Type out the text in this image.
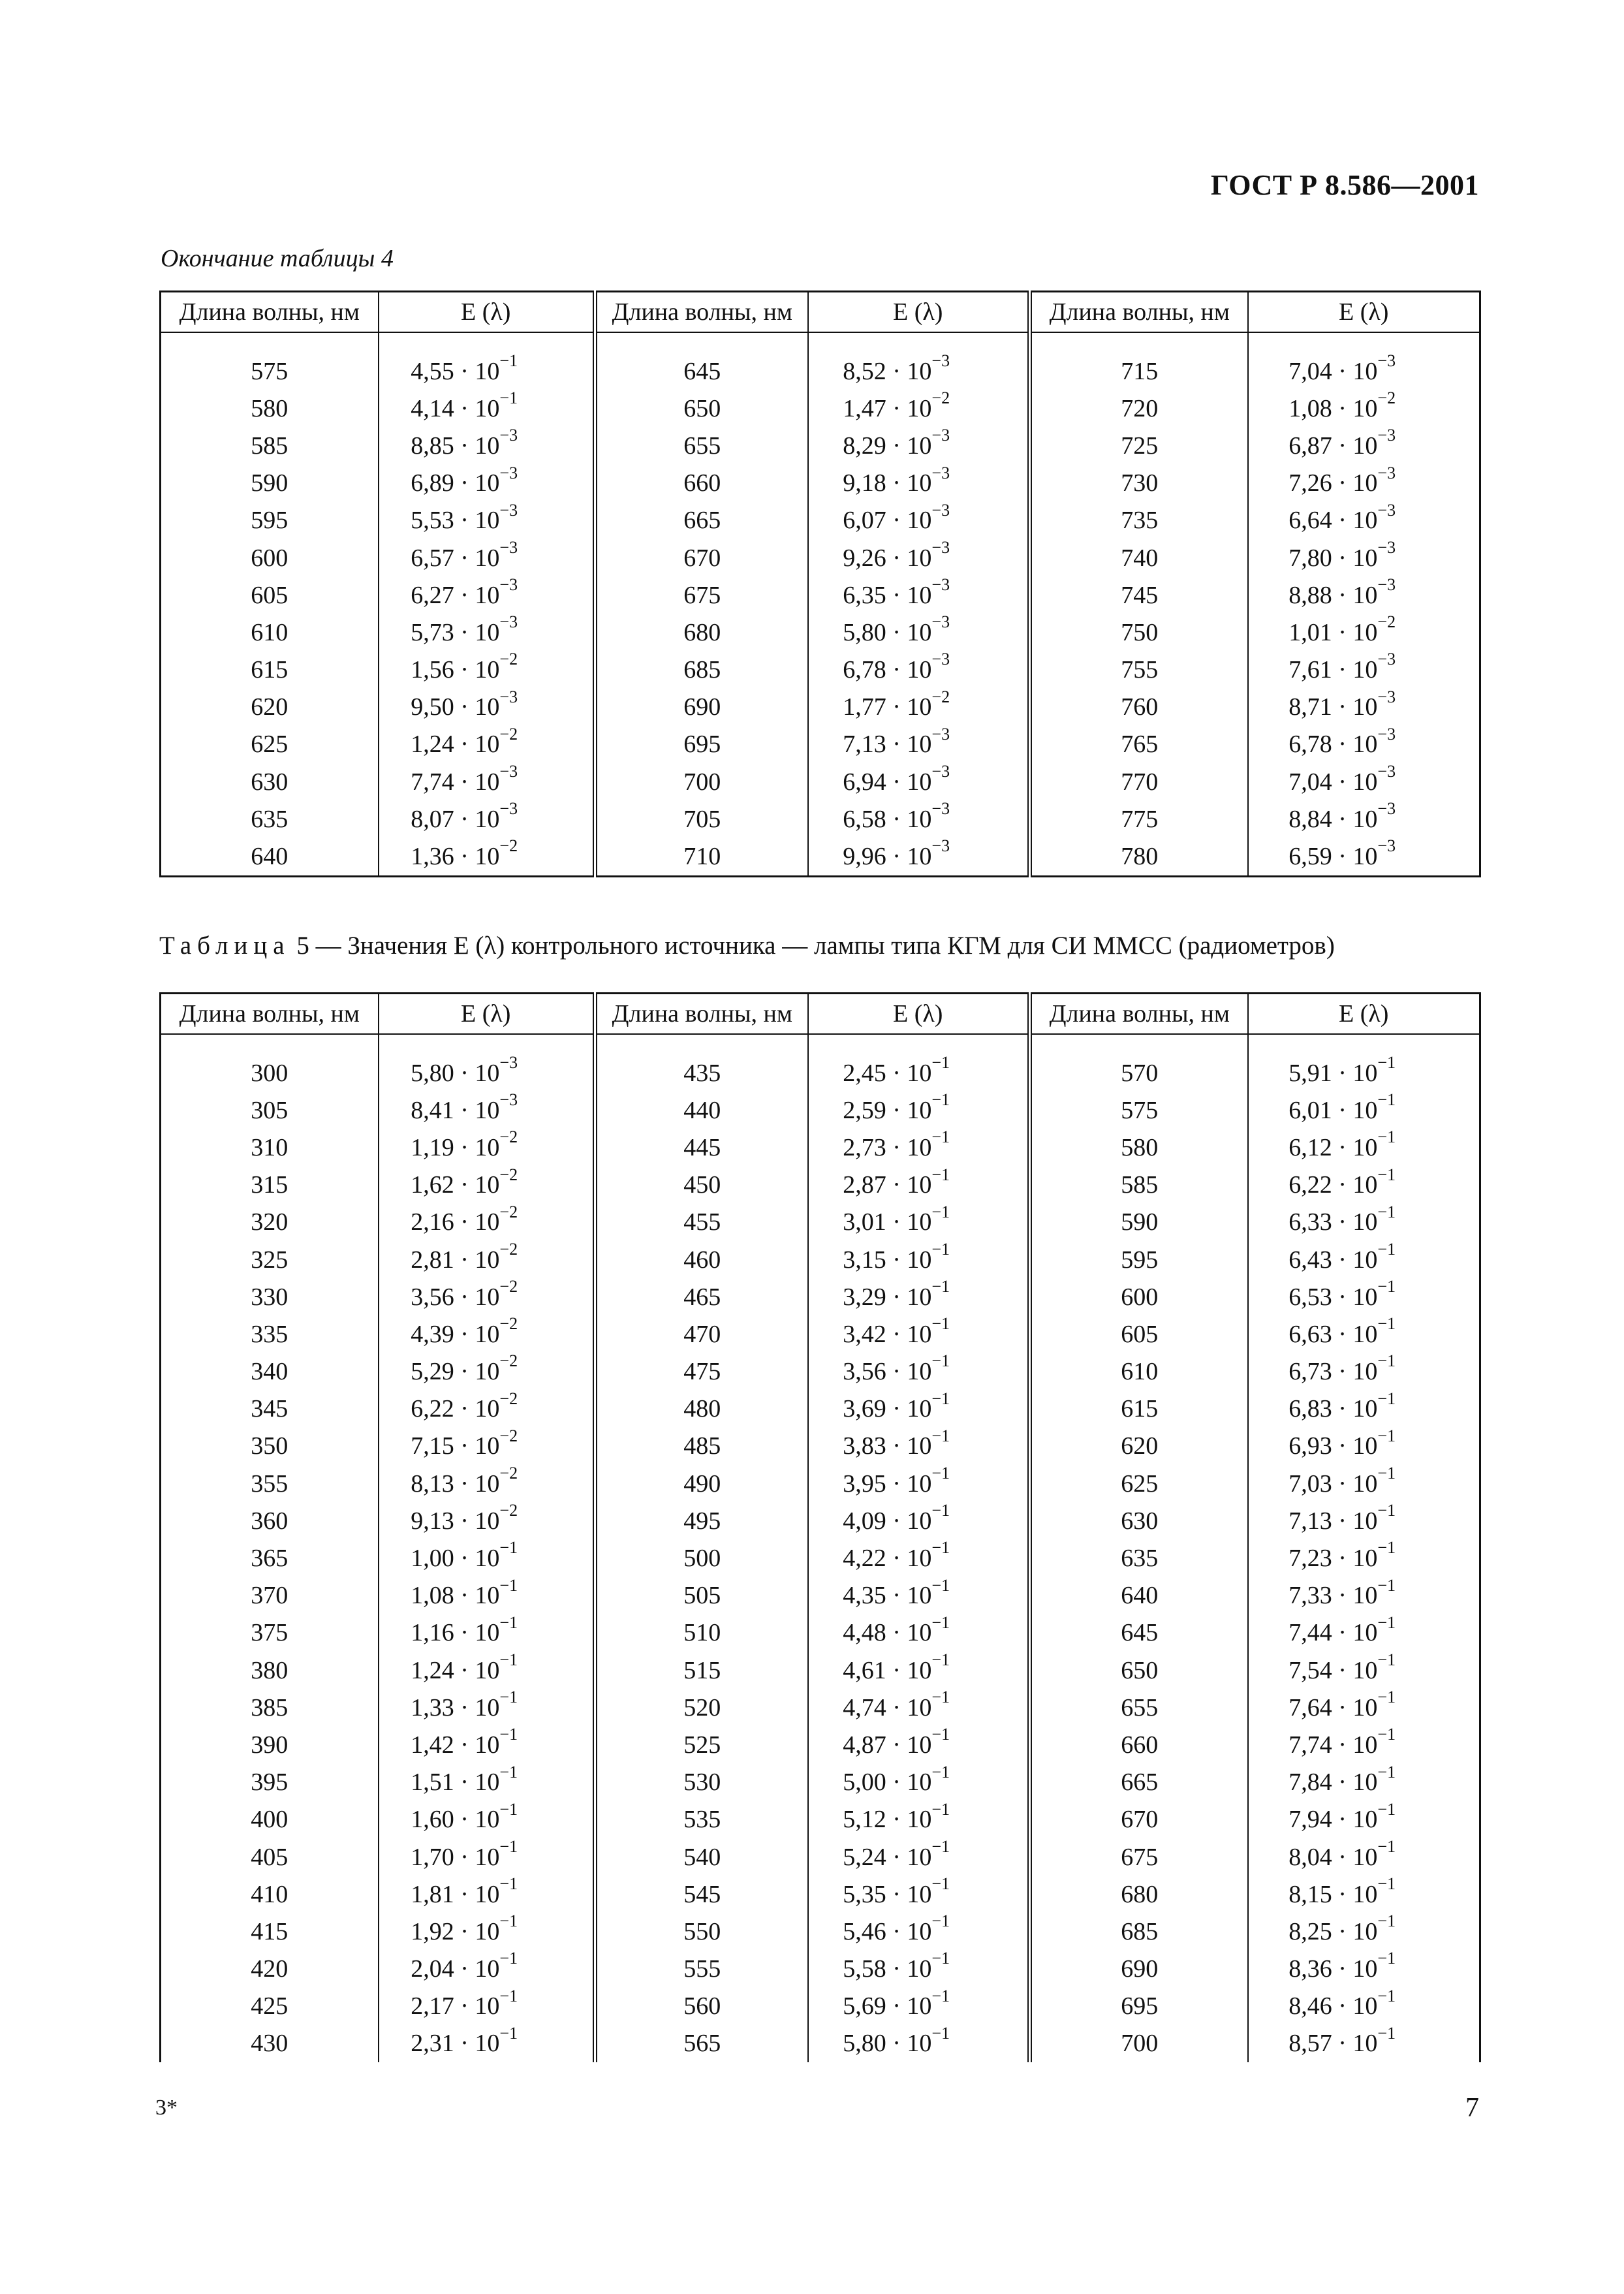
ГОСТ Р 8.586—2001
Окончание таблицы 4
Длина волны, нм	E (λ)	Длина волны, нм	E (λ)	Длина волны, нм	E (λ)

575	$4,55 \cdot 10^{-1}$	645	$8,52 \cdot 10^{-3}$	715	$7,04 \cdot 10^{-3}$
580	$4,14 \cdot 10^{-1}$	650	$1,47 \cdot 10^{-2}$	720	$1,08 \cdot 10^{-2}$
585	$8,85 \cdot 10^{-3}$	655	$8,29 \cdot 10^{-3}$	725	$6,87 \cdot 10^{-3}$
590	$6,89 \cdot 10^{-3}$	660	$9,18 \cdot 10^{-3}$	730	$7,26 \cdot 10^{-3}$
595	$5,53 \cdot 10^{-3}$	665	$6,07 \cdot 10^{-3}$	735	$6,64 \cdot 10^{-3}$
600	$6,57 \cdot 10^{-3}$	670	$9,26 \cdot 10^{-3}$	740	$7,80 \cdot 10^{-3}$
605	$6,27 \cdot 10^{-3}$	675	$6,35 \cdot 10^{-3}$	745	$8,88 \cdot 10^{-3}$
610	$5,73 \cdot 10^{-3}$	680	$5,80 \cdot 10^{-3}$	750	$1,01 \cdot 10^{-2}$
615	$1,56 \cdot 10^{-2}$	685	$6,78 \cdot 10^{-3}$	755	$7,61 \cdot 10^{-3}$
620	$9,50 \cdot 10^{-3}$	690	$1,77 \cdot 10^{-2}$	760	$8,71 \cdot 10^{-3}$
625	$1,24 \cdot 10^{-2}$	695	$7,13 \cdot 10^{-3}$	765	$6,78 \cdot 10^{-3}$
630	$7,74 \cdot 10^{-3}$	700	$6,94 \cdot 10^{-3}$	770	$7,04 \cdot 10^{-3}$
635	$8,07 \cdot 10^{-3}$	705	$6,58 \cdot 10^{-3}$	775	$8,84 \cdot 10^{-3}$
640	$1,36 \cdot 10^{-2}$	710	$9,96 \cdot 10^{-3}$	780	$6,59 \cdot 10^{-3}$
Таблица 5 — Значения E (λ) контрольного источника — лампы типа КГМ для СИ ММСС (радиометров)
Длина волны, нм	E (λ)	Длина волны, нм	E (λ)	Длина волны, нм	E (λ)

300	$5,80 \cdot 10^{-3}$	435	$2,45 \cdot 10^{-1}$	570	$5,91 \cdot 10^{-1}$
305	$8,41 \cdot 10^{-3}$	440	$2,59 \cdot 10^{-1}$	575	$6,01 \cdot 10^{-1}$
310	$1,19 \cdot 10^{-2}$	445	$2,73 \cdot 10^{-1}$	580	$6,12 \cdot 10^{-1}$
315	$1,62 \cdot 10^{-2}$	450	$2,87 \cdot 10^{-1}$	585	$6,22 \cdot 10^{-1}$
320	$2,16 \cdot 10^{-2}$	455	$3,01 \cdot 10^{-1}$	590	$6,33 \cdot 10^{-1}$
325	$2,81 \cdot 10^{-2}$	460	$3,15 \cdot 10^{-1}$	595	$6,43 \cdot 10^{-1}$
330	$3,56 \cdot 10^{-2}$	465	$3,29 \cdot 10^{-1}$	600	$6,53 \cdot 10^{-1}$
335	$4,39 \cdot 10^{-2}$	470	$3,42 \cdot 10^{-1}$	605	$6,63 \cdot 10^{-1}$
340	$5,29 \cdot 10^{-2}$	475	$3,56 \cdot 10^{-1}$	610	$6,73 \cdot 10^{-1}$
345	$6,22 \cdot 10^{-2}$	480	$3,69 \cdot 10^{-1}$	615	$6,83 \cdot 10^{-1}$
350	$7,15 \cdot 10^{-2}$	485	$3,83 \cdot 10^{-1}$	620	$6,93 \cdot 10^{-1}$
355	$8,13 \cdot 10^{-2}$	490	$3,95 \cdot 10^{-1}$	625	$7,03 \cdot 10^{-1}$
360	$9,13 \cdot 10^{-2}$	495	$4,09 \cdot 10^{-1}$	630	$7,13 \cdot 10^{-1}$
365	$1,00 \cdot 10^{-1}$	500	$4,22 \cdot 10^{-1}$	635	$7,23 \cdot 10^{-1}$
370	$1,08 \cdot 10^{-1}$	505	$4,35 \cdot 10^{-1}$	640	$7,33 \cdot 10^{-1}$
375	$1,16 \cdot 10^{-1}$	510	$4,48 \cdot 10^{-1}$	645	$7,44 \cdot 10^{-1}$
380	$1,24 \cdot 10^{-1}$	515	$4,61 \cdot 10^{-1}$	650	$7,54 \cdot 10^{-1}$
385	$1,33 \cdot 10^{-1}$	520	$4,74 \cdot 10^{-1}$	655	$7,64 \cdot 10^{-1}$
390	$1,42 \cdot 10^{-1}$	525	$4,87 \cdot 10^{-1}$	660	$7,74 \cdot 10^{-1}$
395	$1,51 \cdot 10^{-1}$	530	$5,00 \cdot 10^{-1}$	665	$7,84 \cdot 10^{-1}$
400	$1,60 \cdot 10^{-1}$	535	$5,12 \cdot 10^{-1}$	670	$7,94 \cdot 10^{-1}$
405	$1,70 \cdot 10^{-1}$	540	$5,24 \cdot 10^{-1}$	675	$8,04 \cdot 10^{-1}$
410	$1,81 \cdot 10^{-1}$	545	$5,35 \cdot 10^{-1}$	680	$8,15 \cdot 10^{-1}$
415	$1,92 \cdot 10^{-1}$	550	$5,46 \cdot 10^{-1}$	685	$8,25 \cdot 10^{-1}$
420	$2,04 \cdot 10^{-1}$	555	$5,58 \cdot 10^{-1}$	690	$8,36 \cdot 10^{-1}$
425	$2,17 \cdot 10^{-1}$	560	$5,69 \cdot 10^{-1}$	695	$8,46 \cdot 10^{-1}$
430	$2,31 \cdot 10^{-1}$	565	$5,80 \cdot 10^{-1}$	700	$8,57 \cdot 10^{-1}$
3*	7
